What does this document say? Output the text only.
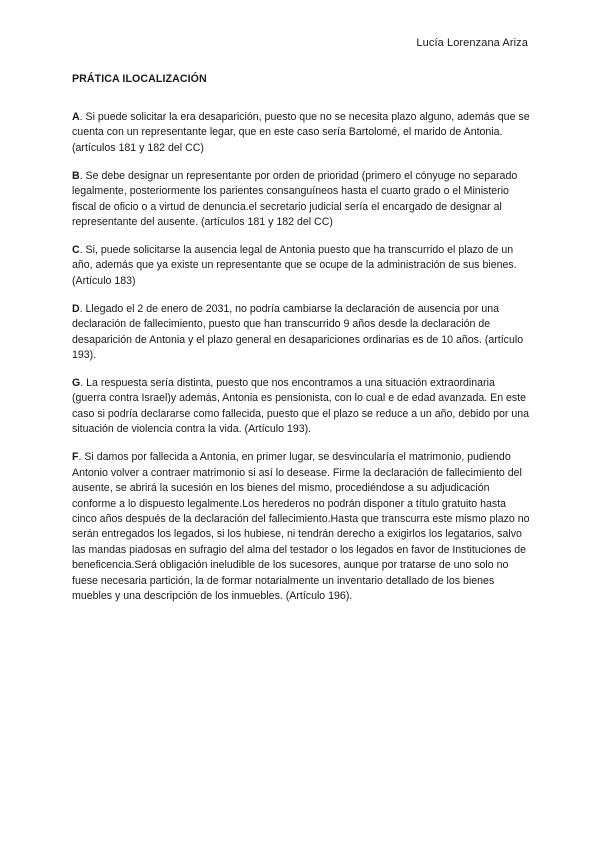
Lucía Lorenzana Ariza
PRÁTICA ILOCALIZACIÓN

A. Si puede solicitar la era desaparición, puesto que no se necesita plazo alguno, además que se cuenta con un representante legar, que en este caso sería Bartolomé, el marido de Antonia.(artículos 181 y 182 del CC)

B. Se debe designar un representante por orden de prioridad (primero el cónyuge no separado legalmente, posteriormente los parientes consanguíneos hasta el cuarto grado o el Ministerio fiscal de oficio o a virtud de denuncia.el secretario judicial sería el encargado de designar al representante del ausente. (artículos 181 y 182 del CC)

C. Si, puede solicitarse la ausencia legal de Antonia puesto que ha transcurrido el plazo de un año, además que ya existe un representante que se ocupe de la administración de sus bienes. (Artículo 183)

D. Llegado el 2 de enero de 2031, no podría cambiarse la declaración de ausencia por una declaración de fallecimiento, puesto que han transcurrido 9 años desde la declaración de desaparición de Antonia y el plazo general en desapariciones ordinarias es de 10 años. (artículo 193).

G. La respuesta sería distinta, puesto que nos encontramos a una situación extraordinaria (guerra contra Israel)y además, Antonia es pensionista, con lo cual e de edad avanzada. En este caso si podría declararse como fallecida, puesto que el plazo se reduce a un año, debido por una situación de violencia contra la vida. (Artículo 193).

F. Si damos por fallecida a Antonia, en primer lugar, se desvinculаría el matrimonio, pudiendo Antonio volver a contraer matrimonio si así lo desease. Firme la declaración de fallecimiento del ausente, se abrirá la sucesión en los bienes del mismo, procediéndose a su adjudicación conforme a lo dispuesto legalmente.Los herederos no podrán disponer a título gratuito hasta cinco años después de la declaración del fallecimiento.Hasta que transcurra este mismo plazo no serán entregados los legados, si los hubiese, ni tendrán derecho a exigirlos los legatarios, salvo las mandas piadosas en sufragio del alma del testador o los legados en favor de Instituciones de beneficencia.Será obligación ineludible de los sucesores, aunque por tratarse de uno solo no fuese necesaria partición, la de formar notarialmente un inventario detallado de los bienes muebles y una descripción de los inmuebles. (Artículo 196).
